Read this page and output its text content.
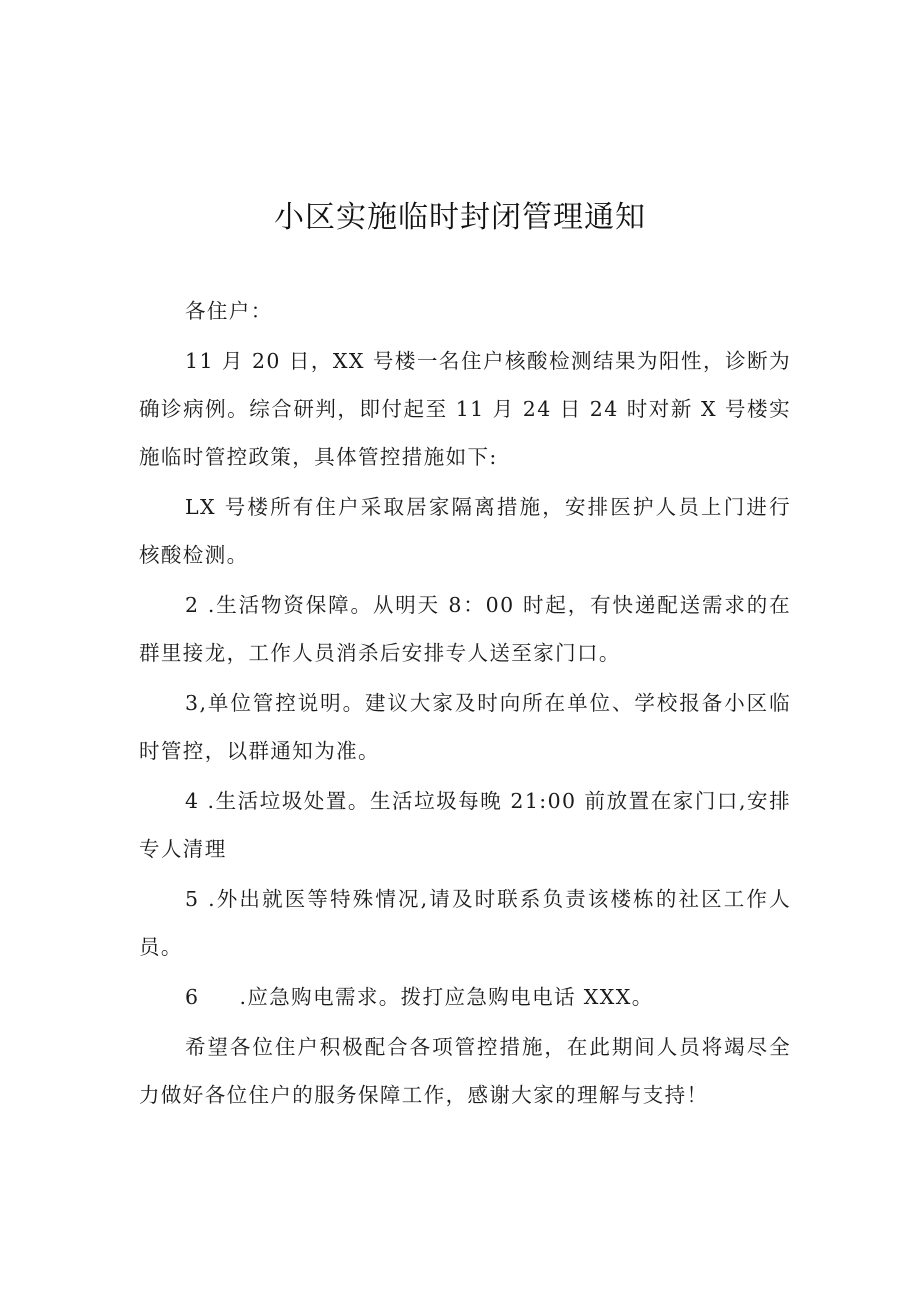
小区实施临时封闭管理通知

各住户：

11 月 20 日，XX 号楼一名住户核酸检测结果为阳性，诊断为确诊病例。综合研判，即付起至 11 月 24 日 24 时对新 X 号楼实施临时管控政策，具体管控措施如下:

LX 号楼所有住户采取居家隔离措施，安排医护人员上门进行核酸检测。

2 .生活物资保障。从明天 8：00 时起，有快递配送需求的在群里接龙，工作人员消杀后安排专人送至家门口。

3,单位管控说明。建议大家及时向所在单位、学校报备小区临时管控，以群通知为准。

4 .生活垃圾处置。生活垃圾每晚 21:00 前放置在家门口,安排专人清理

5 .外出就医等特殊情况,请及时联系负责该楼栋的社区工作人员。

6 .应急购电需求。拨打应急购电电话 XXX。

希望各位住户积极配合各项管控措施，在此期间人员将竭尽全力做好各位住户的服务保障工作，感谢大家的理解与支持！
